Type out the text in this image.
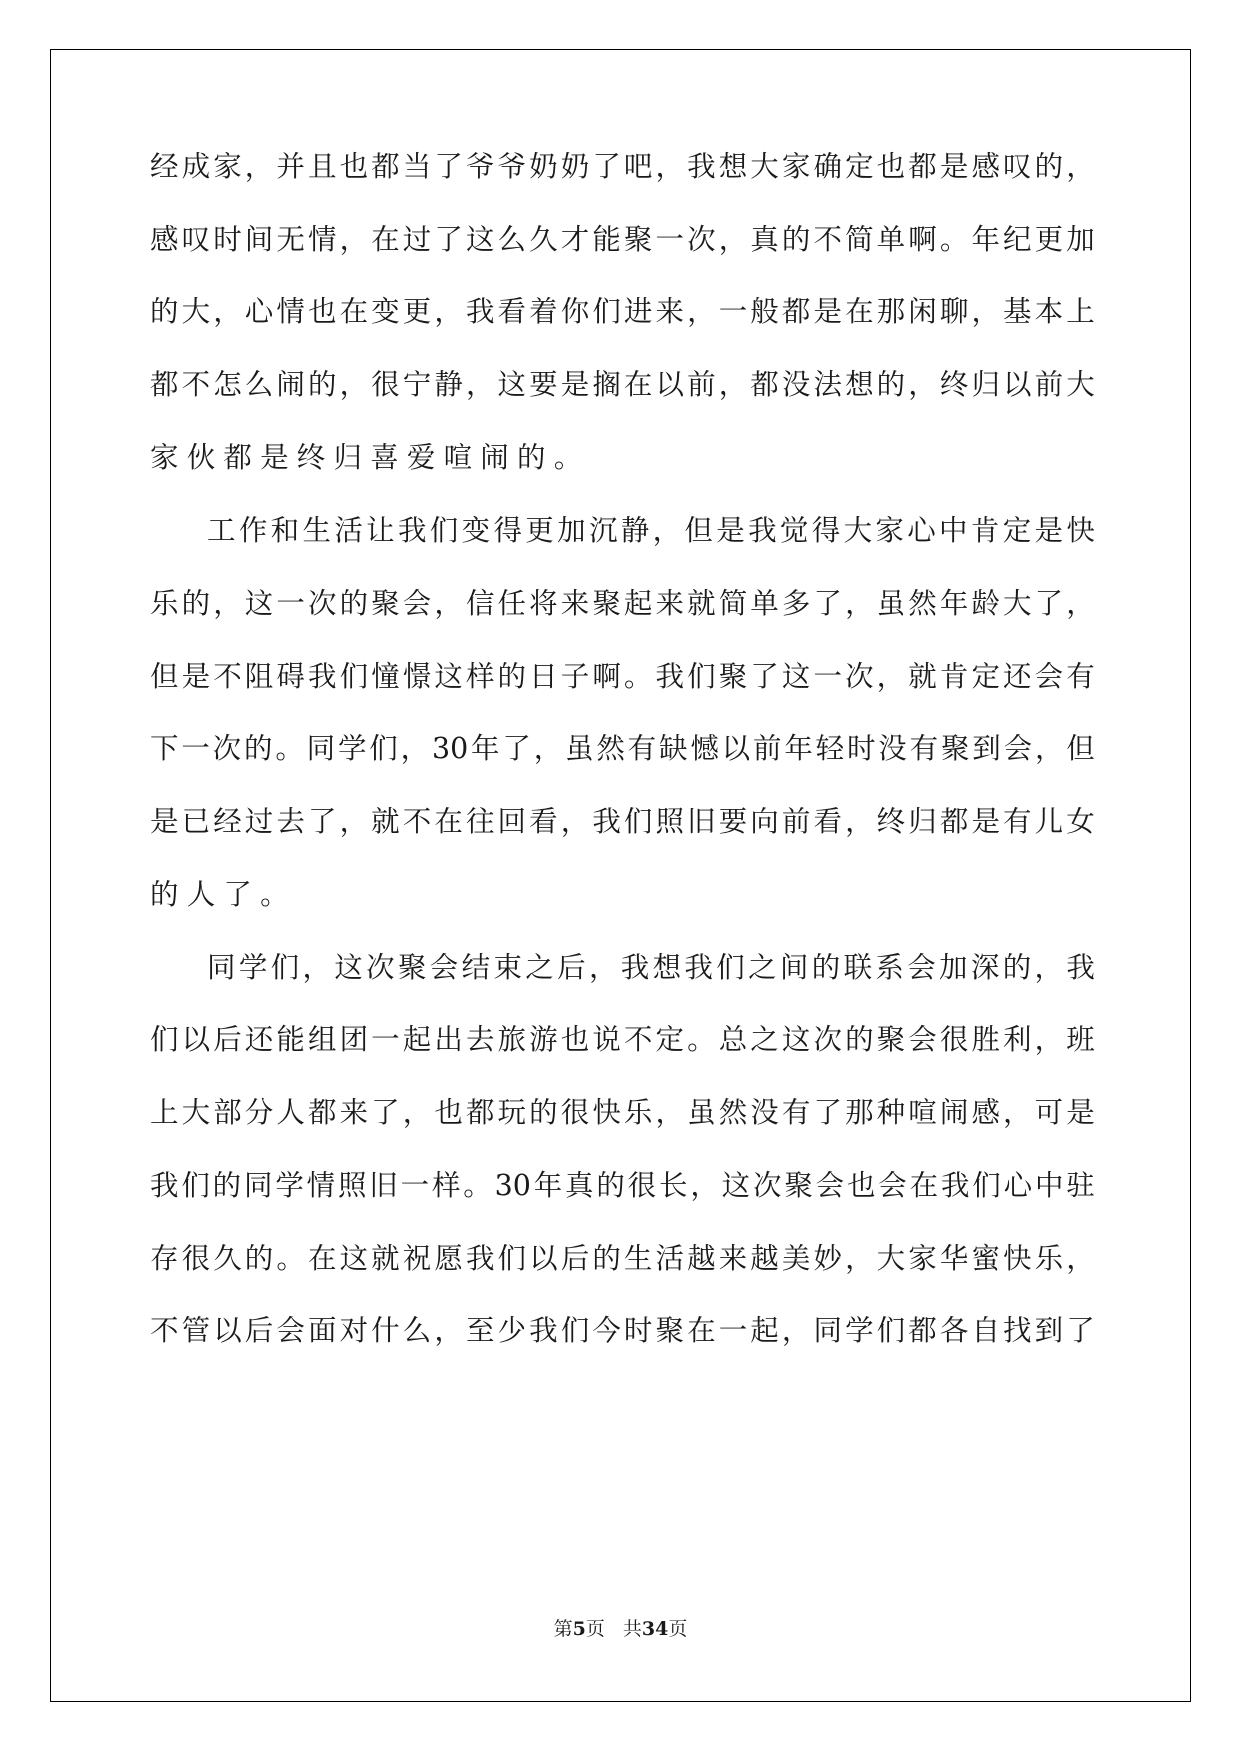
经 成 家 ， 并 且 也 都 当 了 爷 爷 奶 奶 了 吧 ， 我 想 大 家 确 定 也 都 是 感 叹 的 ，
感 叹 时 间 无 情 ， 在 过 了 这 么 久 才 能 聚 一 次 ， 真 的 不 简 单 啊 。 年 纪 更 加
的 大 ， 心 情 也 在 变 更 ， 我 看 着 你 们 进 来 ， 一 般 都 是 在 那 闲 聊 ， 基 本 上
都 不 怎 么 闹 的 ， 很 宁 静 ， 这 要 是 搁 在 以 前 ， 都 没 法 想 的 ， 终 归 以 前 大
家伙都是终归喜爱喧闹的。
工 作 和 生 活 让 我 们 变 得 更 加 沉 静 ， 但 是 我 觉 得 大 家 心 中 肯 定 是 快
乐 的 ， 这 一 次 的 聚 会 ， 信 任 将 来 聚 起 来 就 简 单 多 了 ， 虽 然 年 龄 大 了 ，
但 是 不 阻 碍 我 们 憧 憬 这 样 的 日 子 啊 。 我 们 聚 了 这 一 次 ， 就 肯 定 还 会 有
下 一 次 的 。 同 学 们 ， 30 年 了 ， 虽 然 有 缺 憾 以 前 年 轻 时 没 有 聚 到 会 ， 但
是 已 经 过 去 了 ， 就 不 在 往 回 看 ， 我 们 照 旧 要 向 前 看 ， 终 归 都 是 有 儿 女
的人了。
同 学 们 ， 这 次 聚 会 结 束 之 后 ， 我 想 我 们 之 间 的 联 系 会 加 深 的 ， 我
们 以 后 还 能 组 团 一 起 出 去 旅 游 也 说 不 定 。 总 之 这 次 的 聚 会 很 胜 利 ， 班
上 大 部 分 人 都 来 了 ， 也 都 玩 的 很 快 乐 ， 虽 然 没 有 了 那 种 喧 闹 感 ， 可 是
我 们 的 同 学 情 照 旧 一 样 。 30 年 真 的 很 长 ， 这 次 聚 会 也 会 在 我 们 心 中 驻
存 很 久 的 。 在 这 就 祝 愿 我 们 以 后 的 生 活 越 来 越 美 妙 ， 大 家 华 蜜 快 乐 ，
不 管 以 后 会 面 对 什 么 ， 至 少 我 们 今 时 聚 在 一 起 ， 同 学 们 都 各 自 找 到 了
第5页 共34页
